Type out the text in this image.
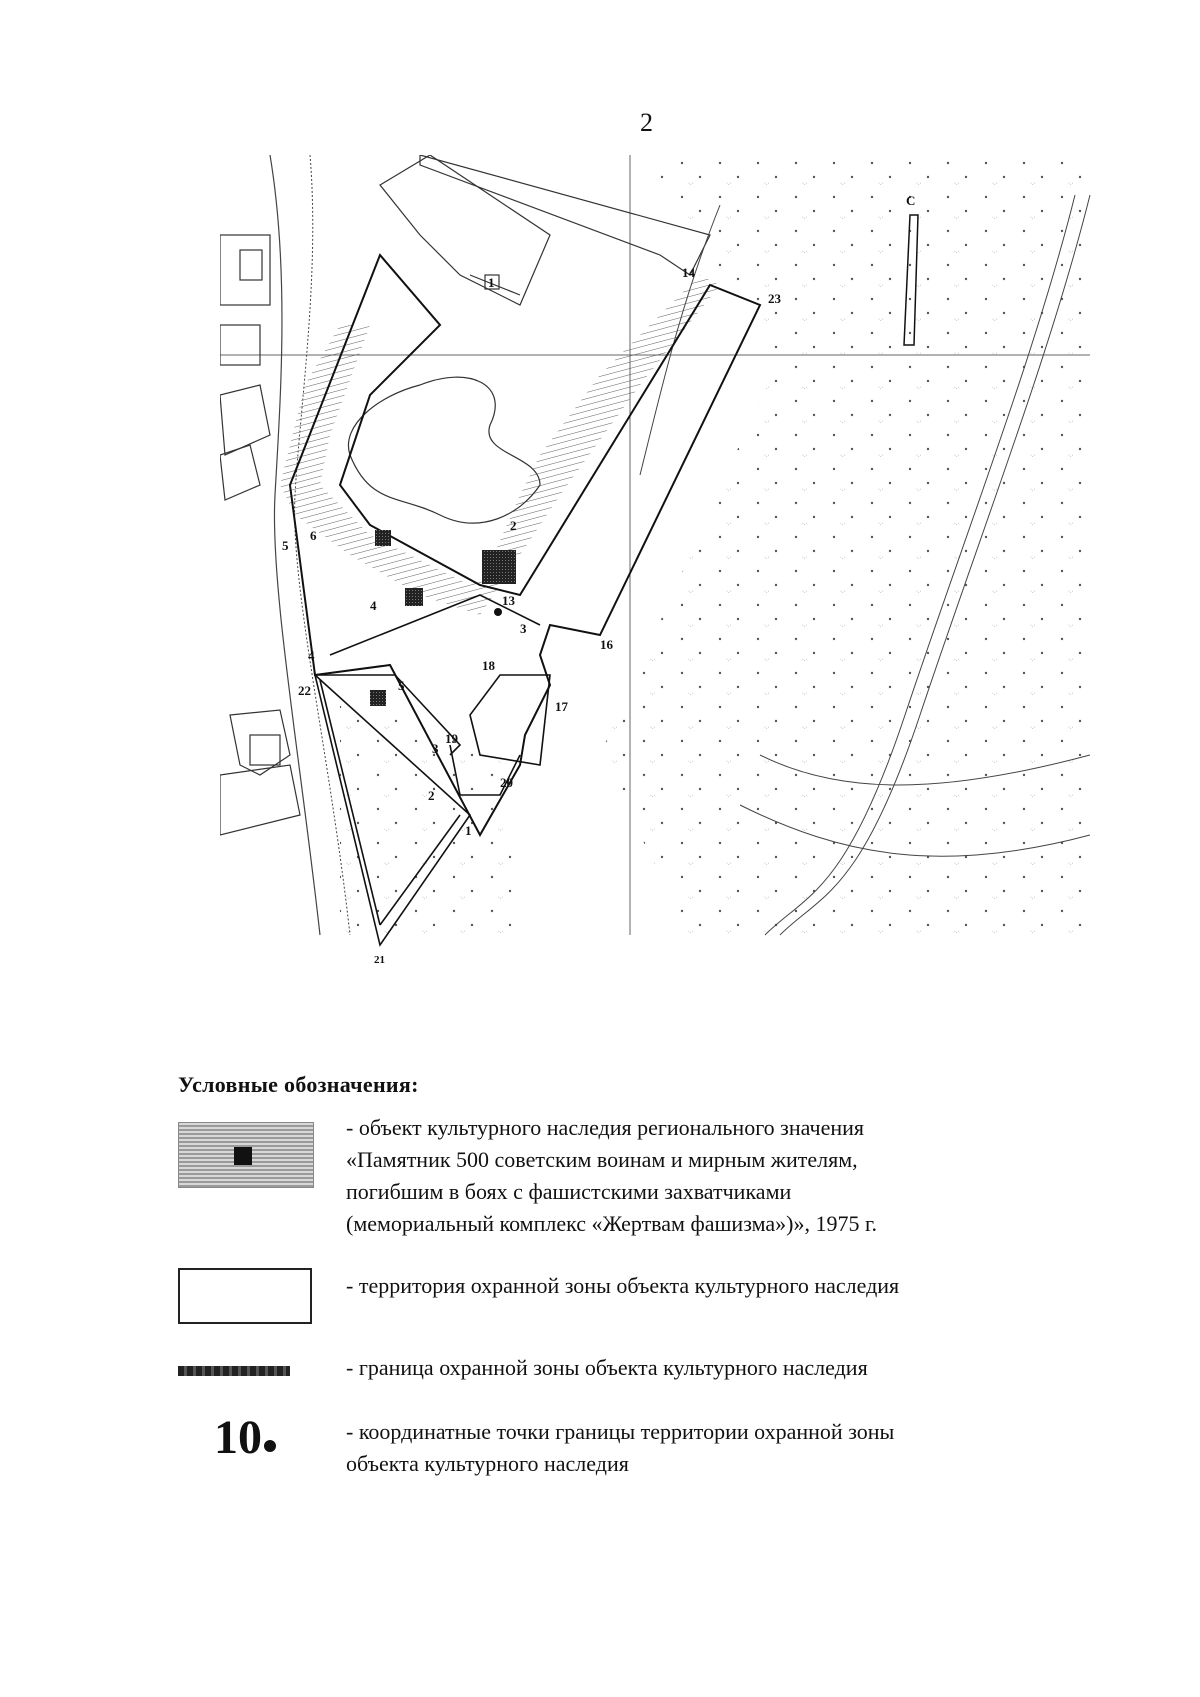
2
1
С
1
2
3
4
5
6
13
14
16
17
18
19
20
21
22
23
2
3
4
5
Условные обозначения:
- объект культурного наследия регионального значения
«Памятник 500 советским воинам и мирным жителям,
погибшим в боях с фашистскими захватчиками
(мемориальный комплекс «Жертвам фашизма»)», 1975 г.
- территория охранной зоны объекта культурного наследия
- граница охранной зоны объекта культурного наследия
10	- координатные точки границы территории охранной зоны
объекта культурного наследия
